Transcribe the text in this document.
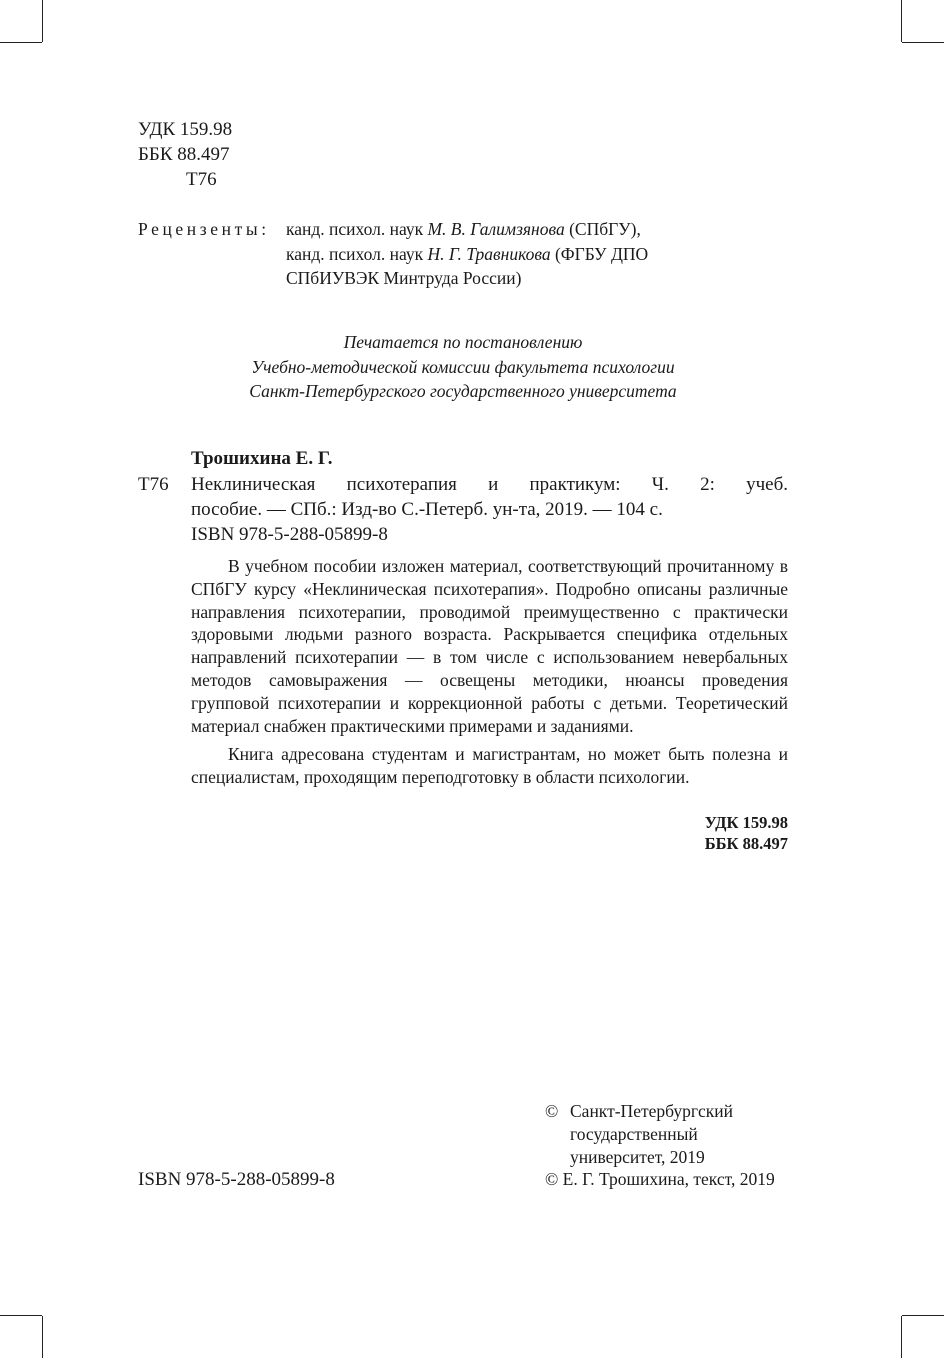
УДК 159.98
ББК 88.497
Т76
Рецензенты: канд. психол. наук М. В. Галимзянова (СПбГУ),
канд. психол. наук Н. Г. Травникова (ФГБУ ДПО
СПбИУВЭК Минтруда России)
Печатается по постановлению
Учебно-методической комиссии факультета психологии
Санкт-Петербургского государственного университета
Трошихина Е. Г.
Т76 Неклиническая психотерапия и практикум: Ч. 2: учеб.
пособие. — СПб.: Изд-во С.-Петерб. ун-та, 2019. — 104 с.
ISBN 978-5-288-05899-8

В учебном пособии изложен материал, соответствующий прочитанному в СПбГУ курсу «Неклиническая психотерапия». Подробно описаны различные направления психотерапии, проводимой преимущественно с практически здоровыми людьми разного возраста. Раскрывается специфика отдельных направлений психотерапии — в том числе с использованием невербальных методов самовыражения — освещены методики, нюансы проведения групповой психотерапии и коррекционной работы с детьми. Теоретический материал снабжен практическими примерами и заданиями.

Книга адресована студентам и магистрантам, но может быть полезна и специалистам, проходящим переподготовку в области психологии.

УДК 159.98
ББК 88.497
© Санкт-Петербургский
государственный
университет, 2019
ISBN 978-5-288-05899-8	© Е. Г. Трошихина, текст, 2019
